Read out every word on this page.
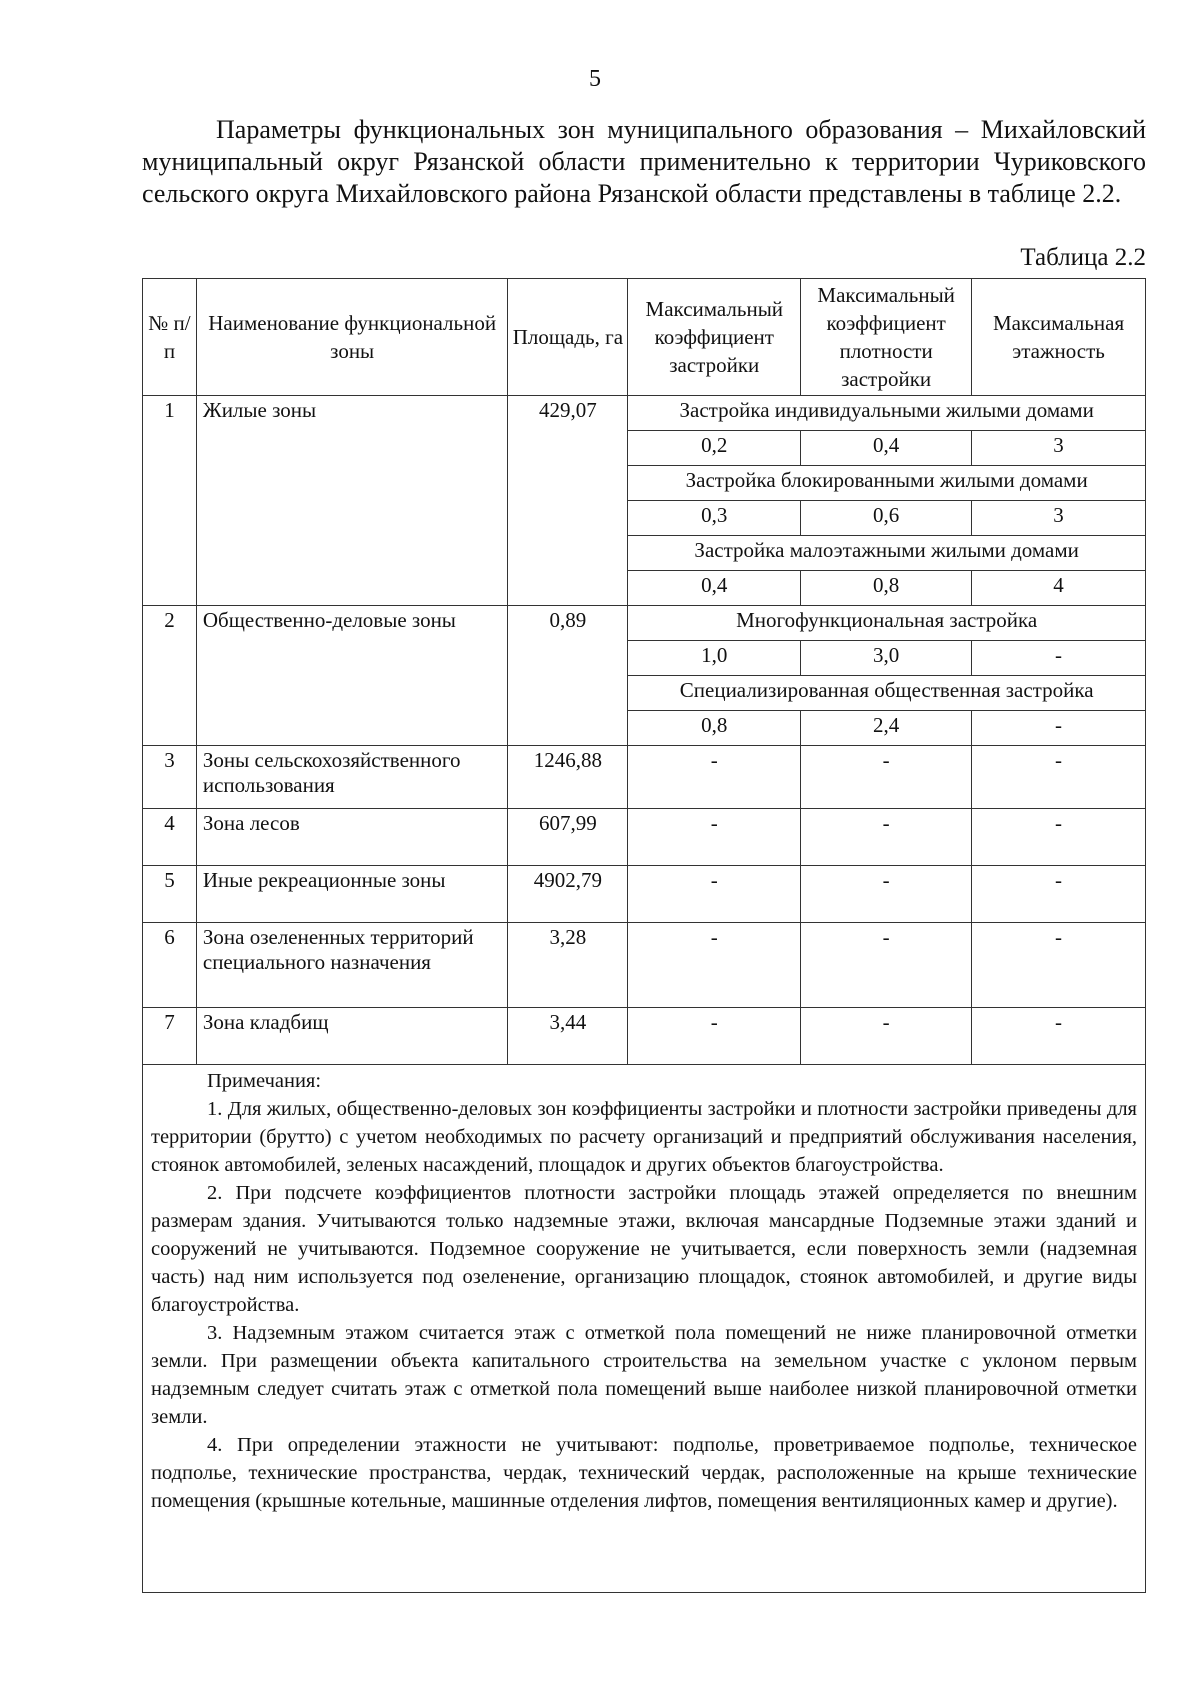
5

Параметры функциональных зон муниципального образования – Михайловский муниципальный округ Рязанской области применительно к территории Чуриковского сельского округа Михайловского района Рязанской области представлены в таблице 2.2.

Таблица 2.2
№ п/п	Наименование функциональной зоны	Площадь, га	Максимальный коэффициент застройки	Максимальный коэффициент плотности застройки	Максимальная этажность
1	Жилые зоны	429,07	Застройка индивидуальными жилыми домами		
			0,2	0,4	3
			Застройка блокированными жилыми домами		
			0,3	0,6	3
			Застройка малоэтажными жилыми домами		
			0,4	0,8	4
2	Общественно-деловые зоны	0,89	Многофункциональная застройка		
			1,0	3,0	-
			Специализированная общественная застройка		
			0,8	2,4	-
3	Зоны сельскохозяйственного использования	1246,88	-	-	-
4	Зона лесов	607,99	-	-	-
5	Иные рекреационные зоны	4902,79	-	-	-
6	Зона озелененных территорий специального назначения	3,28	-	-	-
7	Зона кладбищ	3,44	-	-	-

Примечания:

1. Для жилых, общественно-деловых зон коэффициенты застройки и плотности застройки приведены для территории (брутто) с учетом необходимых по расчету организаций и предприятий обслуживания населения, стоянок автомобилей, зеленых насаждений, площадок и других объектов благоустройства.

2. При подсчете коэффициентов плотности застройки площадь этажей определяется по внешним размерам здания. Учитываются только надземные этажи, включая мансардные Подземные этажи зданий и сооружений не учитываются. Подземное сооружение не учитывается, если поверхность земли (надземная часть) над ним используется под озеленение, организацию площадок, стоянок автомобилей, и другие виды благоустройства.

3. Надземным этажом считается этаж с отметкой пола помещений не ниже планировочной отметки земли. При размещении объекта капитального строительства на земельном участке с уклоном первым надземным следует считать этаж с отметкой пола помещений выше наиболее низкой планировочной отметки земли.

4. При определении этажности не учитывают: подполье, проветриваемое подполье, техническое подполье, технические пространства, чердак, технический чердак, расположенные на крыше технические помещения (крышные котельные, машинные отделения лифтов, помещения вентиляционных камер и другие).
